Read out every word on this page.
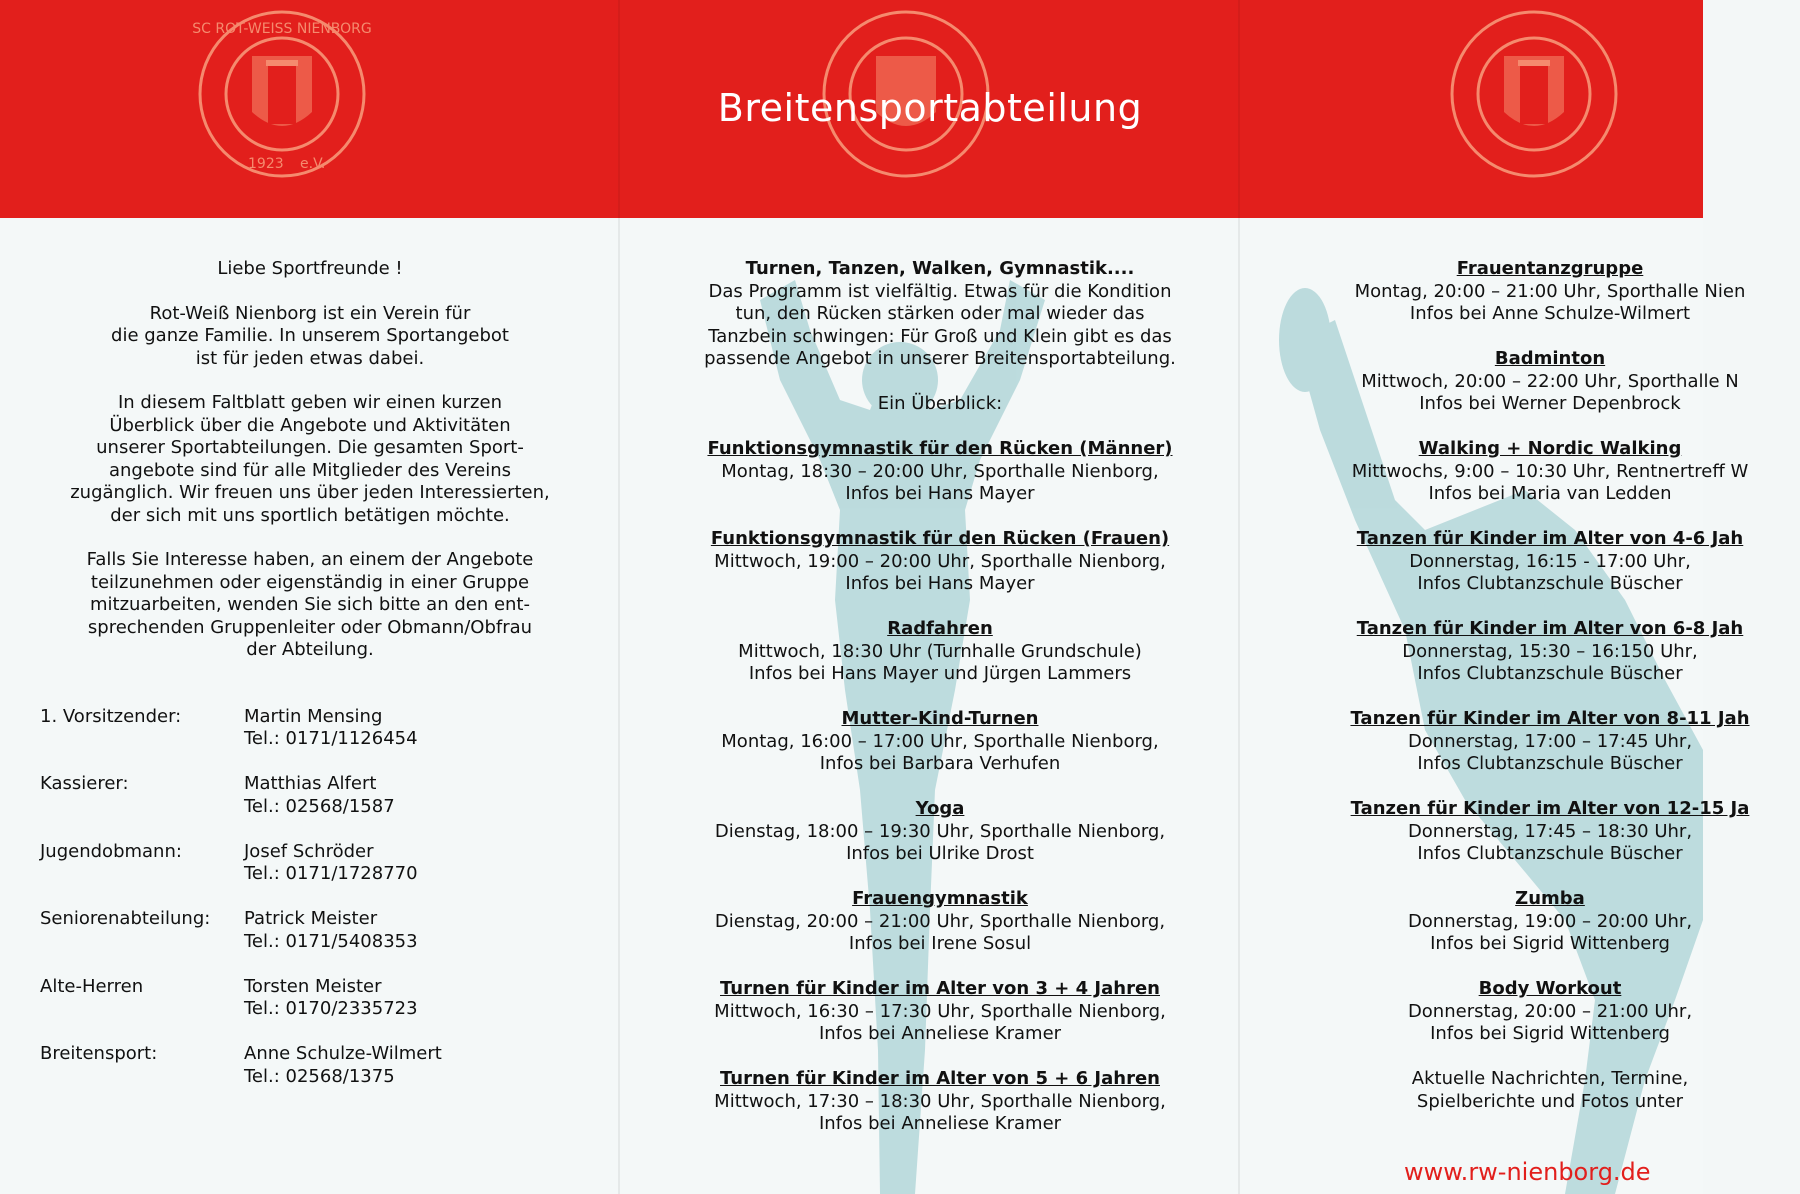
SC ROT-WEISS NIENBORG
1923 e.V.
Breitensportabteilung
Liebe Sportfreunde !
Rot-Weiß Nienborg ist ein Verein für
die ganze Familie. In unserem Sportangebot
ist für jeden etwas dabei.
In diesem Faltblatt geben wir einen kurzen
Überblick über die Angebote und Aktivitäten
unserer Sportabteilungen. Die gesamten Sport-
angebote sind für alle Mitglieder des Vereins
zugänglich. Wir freuen uns über jeden Interessierten,
der sich mit uns sportlich betätigen möchte.
Falls Sie Interesse haben, an einem der Angebote
teilzunehmen oder eigenständig in einer Gruppe
mitzuarbeiten, wenden Sie sich bitte an den ent-
sprechenden Gruppenleiter oder Obmann/Obfrau
der Abteilung.
1. Vorsitzender:	Martin Mensing
Tel.: 0171/1126454
Kassierer:	Matthias Alfert
Tel.: 02568/1587
Jugendobmann:	Josef Schröder
Tel.: 0171/1728770
Seniorenabteilung:	Patrick Meister
Tel.: 0171/5408353
Alte-Herren	Torsten Meister
Tel.: 0170/2335723
Breitensport:	Anne Schulze-Wilmert
Tel.: 02568/1375
Turnen, Tanzen, Walken, Gymnastik....
Das Programm ist vielfältig. Etwas für die Kondition
tun, den Rücken stärken oder mal wieder das
Tanzbein schwingen: Für Groß und Klein gibt es das
passende Angebot in unserer Breitensportabteilung.
Ein Überblick:
Funktionsgymnastik für den Rücken (Männer)
Montag, 18:30 – 20:00 Uhr, Sporthalle Nienborg,
Infos bei Hans Mayer
Funktionsgymnastik für den Rücken (Frauen)
Mittwoch, 19:00 – 20:00 Uhr, Sporthalle Nienborg,
Infos bei Hans Mayer
Radfahren
Mittwoch, 18:30 Uhr (Turnhalle Grundschule)
Infos bei Hans Mayer und Jürgen Lammers
Mutter-Kind-Turnen
Montag, 16:00 – 17:00 Uhr, Sporthalle Nienborg,
Infos bei Barbara Verhufen
Yoga
Dienstag, 18:00 – 19:30 Uhr, Sporthalle Nienborg,
Infos bei Ulrike Drost
Frauengymnastik
Dienstag, 20:00 – 21:00 Uhr, Sporthalle Nienborg,
Infos bei Irene Sosul
Turnen für Kinder im Alter von 3 + 4 Jahren
Mittwoch, 16:30 – 17:30 Uhr, Sporthalle Nienborg,
Infos bei Anneliese Kramer
Turnen für Kinder im Alter von 5 + 6 Jahren
Mittwoch, 17:30 – 18:30 Uhr, Sporthalle Nienborg,
Infos bei Anneliese Kramer
Frauentanzgruppe
Montag, 20:00 – 21:00 Uhr, Sporthalle Nien
Infos bei Anne Schulze-Wilmert
Badminton
Mittwoch, 20:00 – 22:00 Uhr, Sporthalle N
Infos bei Werner Depenbrock
Walking + Nordic Walking
Mittwochs, 9:00 – 10:30 Uhr, Rentnertreff W
Infos bei Maria van Ledden
Tanzen für Kinder im Alter von 4-6 Jah
Donnerstag, 16:15 - 17:00 Uhr,
Infos Clubtanzschule Büscher
Tanzen für Kinder im Alter von 6-8 Jah
Donnerstag, 15:30 – 16:150 Uhr,
Infos Clubtanzschule Büscher
Tanzen für Kinder im Alter von 8-11 Jah
Donnerstag, 17:00 – 17:45 Uhr,
Infos Clubtanzschule Büscher
Tanzen für Kinder im Alter von 12-15 Ja
Donnerstag, 17:45 – 18:30 Uhr,
Infos Clubtanzschule Büscher
Zumba
Donnerstag, 19:00 – 20:00 Uhr,
Infos bei Sigrid Wittenberg
Body Workout
Donnerstag, 20:00 – 21:00 Uhr,
Infos bei Sigrid Wittenberg
Aktuelle Nachrichten, Termine,
Spielberichte und Fotos unter
www.rw-nienborg.de
